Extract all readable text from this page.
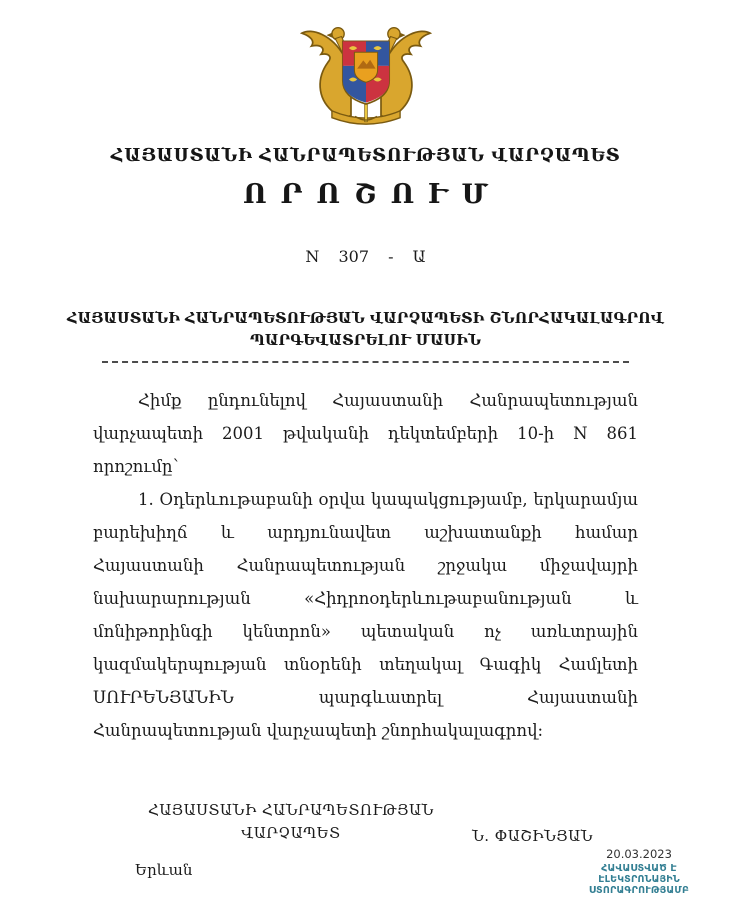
ՀԱՅԱՍՏԱՆԻ ՀԱՆՐԱՊԵՏՈՒԹՅԱՆ ՎԱՐՉԱՊԵՏ
ՈՐՈՇՈՒՄ
N 307 - Ա
ՀԱՅԱՍՏԱՆԻ ՀԱՆՐԱՊԵՏՈՒԹՅԱՆ ՎԱՐՉԱՊԵՏԻ ՇՆՈՐՀԱԿԱԼԱԳՐՈՎ
ՊԱՐԳԵՎԱՏՐԵԼՈՒ ՄԱՍԻՆ

Հիմք ընդունելով Հայաստանի Հանրապետության վարչապետի 2001 թվականի դեկտեմբերի 10-ի N 861 որոշումը՝

1. Օդերևութաբանի օրվա կապակցությամբ, երկարամյա բարեխիղճ և արդյունավետ աշխատանքի համար Հայաստանի Հանրապետության շրջակա միջավայրի նախարարության «Հիդրոօդերևութաբանության և մոնիթորինգի կենտրոն» պետական ոչ առևտրային կազմակերպության տնօրենի տեղակալ Գագիկ Համլետի ՍՈՒՐԵՆՅԱՆԻՆ պարգևատրել Հայաստանի Հանրապետության վարչապետի շնորհակալագրով:

ՀԱՅԱՍՏԱՆԻ ՀԱՆՐԱՊԵՏՈՒԹՅԱՆ
ՎԱՐՉԱՊԵՏ	Ն. ՓԱՇԻՆՅԱՆ
Երևան
20.03.2023
ՀԱՎԱՍՏՎԱԾ Է
ԷԼԵԿՏՐՈՆԱՅԻՆ
ՍՏՈՐԱԳՐՈՒԹՅԱՄԲ
